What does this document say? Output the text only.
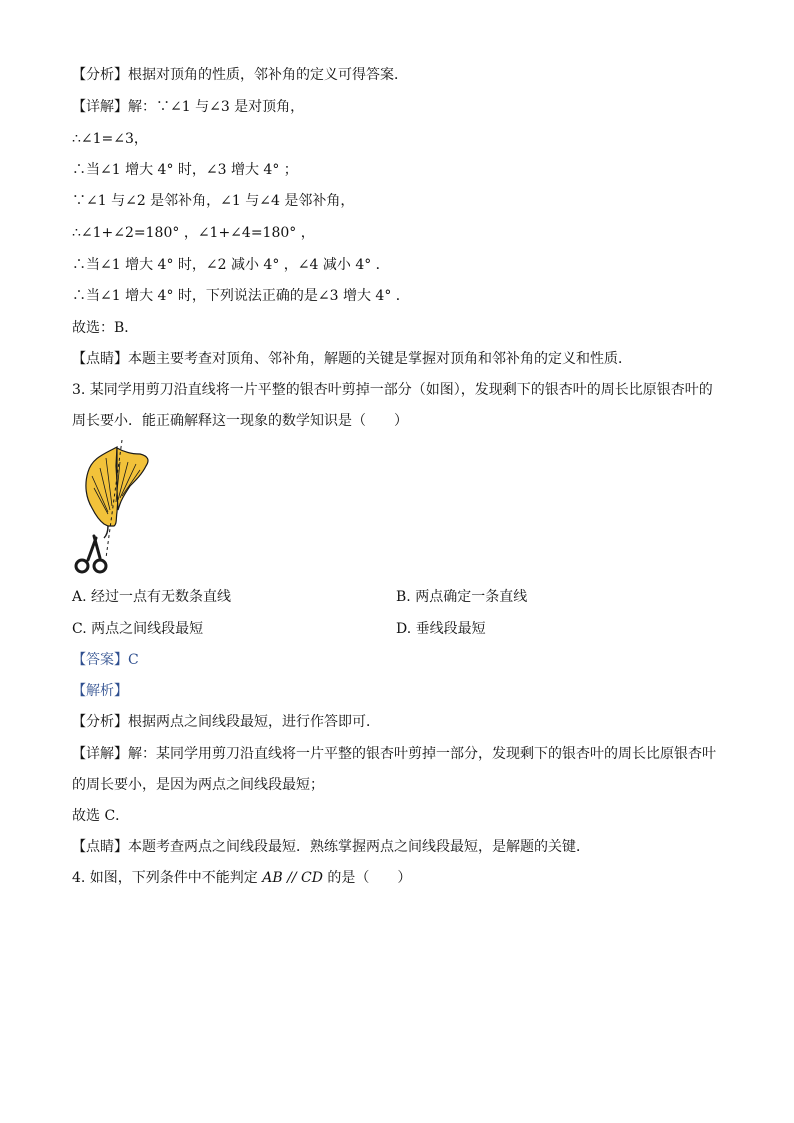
【分析】根据对顶角的性质，邻补角的定义可得答案．
【详解】解：∵∠1 与∠3 是对顶角，
∴∠1=∠3，
∴当∠1 增大 4° 时，∠3 增大 4° ；
∵∠1 与∠2 是邻补角，∠1 与∠4 是邻补角，
∴∠1+∠2=180° ，∠1+∠4=180° ，
∴当∠1 增大 4° 时，∠2 减小 4° ，∠4 减小 4° ．
∴当∠1 增大 4° 时，下列说法正确的是∠3 增大 4° ．
故选：B．
【点睛】本题主要考查对顶角、邻补角，解题的关键是掌握对顶角和邻补角的定义和性质．
3. 某同学用剪刀沿直线将一片平整的银杏叶剪掉一部分（如图），发现剩下的银杏叶的周长比原银杏叶的
周长要小．能正确解释这一现象的数学知识是（　　）
A. 经过一点有无数条直线	B. 两点确定一条直线
C. 两点之间线段最短	D. 垂线段最短
【答案】C
【解析】
【分析】根据两点之间线段最短，进行作答即可．
【详解】解：某同学用剪刀沿直线将一片平整的银杏叶剪掉一部分，发现剩下的银杏叶的周长比原银杏叶
的周长要小，是因为两点之间线段最短；
故选 C．
【点睛】本题考查两点之间线段最短．熟练掌握两点之间线段最短，是解题的关键．
4. 如图，下列条件中不能判定 AB // CD 的是（　　）
